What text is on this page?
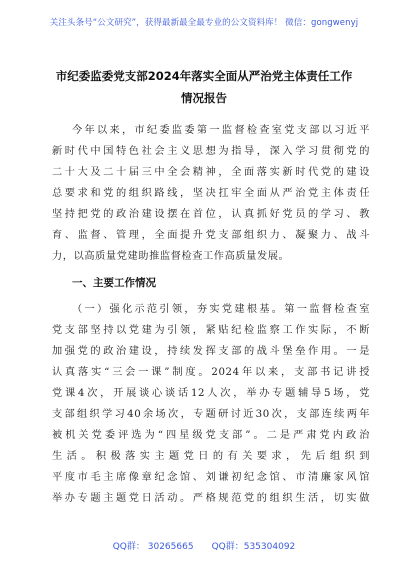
关注头条号“公文研究”，获得最新最全最专业的公文资料库！ 微信：gongwenyj
市纪委监委党支部2024年落实全面从严治党主体责任工作
情况报告
今年以来，市纪委监委第一监督检查室党支部以习近平
新时代中国特色社会主义思想为指导，深入学习贯彻党的
二十大及二十届三中全会精神，全面落实新时代党的建设
总要求和党的组织路线，坚决扛牢全面从严治党主体责任
坚持把党的政治建设摆在首位，认真抓好党员的学习、教
育、监督、管理，全面提升党支部组织力、凝聚力、战斗
力，以高质量党建助推监督检查工作高质量发展。
一、主要工作情况
（一）强化示范引领，夯实党建根基。第一监督检查室
党支部坚持以党建为引领，紧贴纪检监察工作实际，不断
加强党的政治建设，持续发挥支部的战斗堡垒作用。一是
认真落实“三会一课”制度。2024年以来，支部书记讲授
党课4次，开展谈心谈话12人次，举办专题辅导5场，党
支部组织学习40余场次，专题研讨近30次，支部连续两年
被机关党委评选为“四星级党支部”。二是严肃党内政治
生活。积极落实主题党日的有关要求，先后组织到
平度市毛主席像章纪念馆、刘谦初纪念馆、市清廉家风馆
举办专题主题党日活动。严格规范党的组织生活，切实做
QQ群： 30265665 QQ群：535304092
